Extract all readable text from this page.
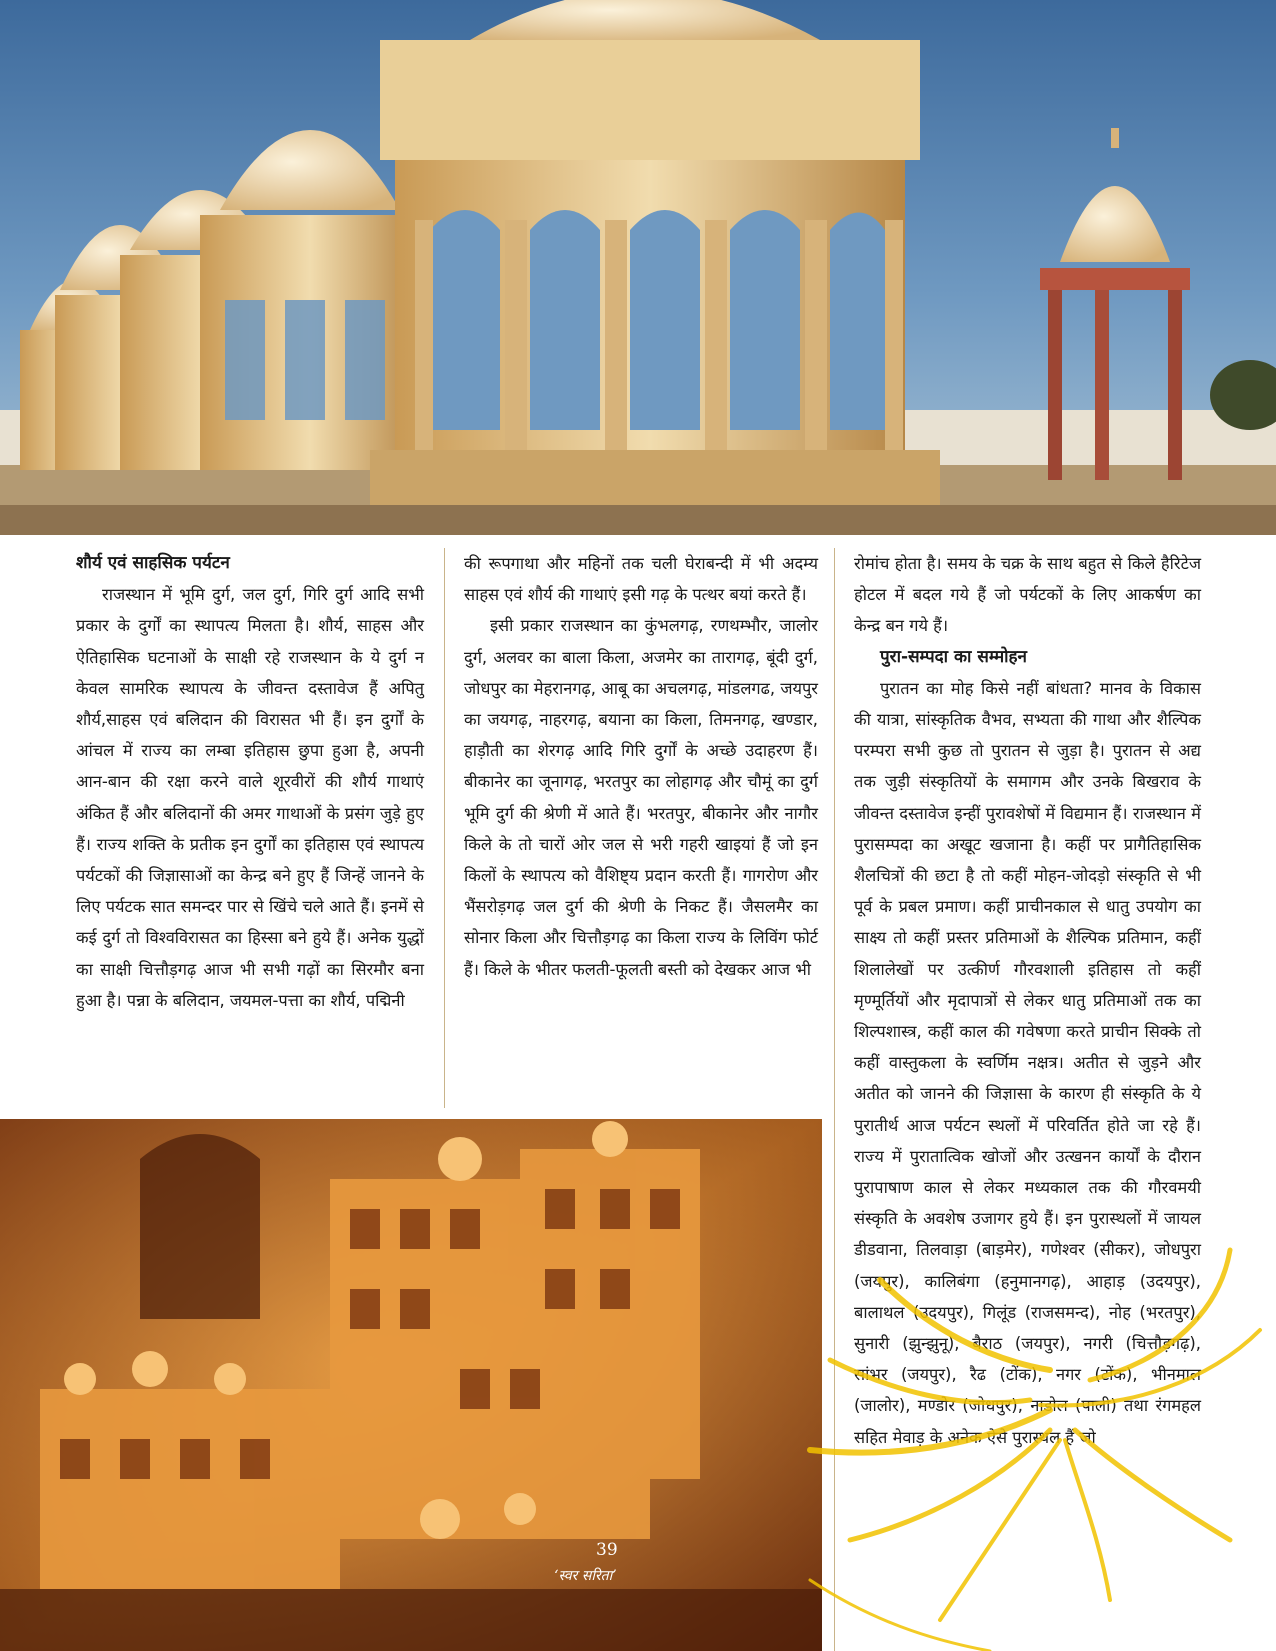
शौर्य एवं साहसिक पर्यटन

राजस्थान में भूमि दुर्ग, जल दुर्ग, गिरि दुर्ग आदि सभी प्रकार के दुर्गों का स्थापत्य मिलता है। शौर्य, साहस और ऐतिहासिक घटनाओं के साक्षी रहे राजस्थान के ये दुर्ग न केवल सामरिक स्थापत्य के जीवन्त दस्तावेज हैं अपितु शौर्य,साहस एवं बलिदान की विरासत भी हैं। इन दुर्गों के आंचल में राज्य का लम्बा इतिहास छुपा हुआ है, अपनी आन-बान की रक्षा करने वाले शूरवीरों की शौर्य गाथाएं अंकित हैं और बलिदानों की अमर गाथाओं के प्रसंग जुड़े हुए हैं। राज्य शक्ति के प्रतीक इन दुर्गों का इतिहास एवं स्थापत्य पर्यटकों की जिज्ञासाओं का केन्द्र बने हुए हैं जिन्हें जानने के लिए पर्यटक सात समन्दर पार से खिंचे चले आते हैं। इनमें से कई दुर्ग तो विश्वविरासत का हिस्सा बने हुये हैं। अनेक युद्धों का साक्षी चित्तौड़गढ़ आज भी सभी गढ़ों का सिरमौर बना हुआ है। पन्ना के बलिदान, जयमल-पत्ता का शौर्य, पद्मिनी

की रूपगाथा और महिनों तक चली घेराबन्दी में भी अदम्य साहस एवं शौर्य की गाथाएं इसी गढ़ के पत्थर बयां करते हैं।

इसी प्रकार राजस्थान का कुंभलगढ़, रणथम्भौर, जालोर दुर्ग, अलवर का बाला किला, अजमेर का तारागढ़, बूंदी दुर्ग, जोधपुर का मेहरानगढ़, आबू का अचलगढ़, मांडलगढ, जयपुर का जयगढ़, नाहरगढ़, बयाना का किला, तिमनगढ़, खण्डार, हाड़ौती का शेरगढ़ आदि गिरि दुर्गों के अच्छे उदाहरण हैं। बीकानेर का जूनागढ़, भरतपुर का लोहागढ़ और चौमूं का दुर्ग भूमि दुर्ग की श्रेणी में आते हैं। भरतपुर, बीकानेर और नागौर किले के तो चारों ओर जल से भरी गहरी खाइयां हैं जो इन किलों के स्थापत्य को वैशिष्ट्य प्रदान करती हैं। गागरोण और भैंसरोड़गढ़ जल दुर्ग की श्रेणी के निकट हैं। जैसलमैर का सोनार किला और चित्तौड़गढ़ का किला राज्य के लिविंग फोर्ट हैं। किले के भीतर फलती-फूलती बस्ती को देखकर आज भी

रोमांच होता है। समय के चक्र के साथ बहुत से किले हैरिटेज होटल में बदल गये हैं जो पर्यटकों के लिए आकर्षण का केन्द्र बन गये हैं।

पुरा-सम्पदा का सम्मोहन

पुरातन का मोह किसे नहीं बांधता? मानव के विकास की यात्रा, सांस्कृतिक वैभव, सभ्यता की गाथा और शैल्पिक परम्परा सभी कुछ तो पुरातन से जुड़ा है। पुरातन से अद्य तक जुड़ी संस्कृतियों के समागम और उनके बिखराव के जीवन्त दस्तावेज इन्हीं पुरावशेषों में विद्यमान हैं। राजस्थान में पुरासम्पदा का अखूट खजाना है। कहीं पर प्रागैतिहासिक शैलचित्रों की छटा है तो कहीं मोहन-जोदड़ो संस्कृति से भी पूर्व के प्रबल प्रमाण। कहीं प्राचीनकाल से धातु उपयोग का साक्ष्य तो कहीं प्रस्तर प्रतिमाओं के शैल्पिक प्रतिमान, कहीं शिलालेखों पर उत्कीर्ण गौरवशाली इतिहास तो कहीं मृण्मूर्तियों और मृदापात्रों से लेकर धातु प्रतिमाओं तक का शिल्पशास्त्र, कहीं काल की गवेषणा करते प्राचीन सिक्के तो कहीं वास्तुकला के स्वर्णिम नक्षत्र। अतीत से जुड़ने और अतीत को जानने की जिज्ञासा के कारण ही संस्कृति के ये पुरातीर्थ आज पर्यटन स्थलों में परिवर्तित होते जा रहे हैं। राज्य में पुरातात्विक खोजों और उत्खनन कार्यों के दौरान पुरापाषाण काल से लेकर मध्यकाल तक की गौरवमयी संस्कृति के अवशेष उजागर हुये हैं। इन पुरास्थलों में जायल डीडवाना, तिलवाड़ा (बाड़मेर), गणेश्वर (सीकर), जोधपुरा (जयपुर), कालिबंगा (हनुमानगढ़), आहाड़ (उदयपुर), बालाथल (उदयपुर), गिलूंड (राजसमन्द), नोह (भरतपुर), सुनारी (झुन्झुनू), बैराठ (जयपुर), नगरी (चित्तौड़गढ़), सांभर (जयपुर), रैढ (टोंक), नगर (टोंक), भीनमाल (जालोर), मण्डोर (जोधपुर), नाडोल (पाली) तथा रंगमहल सहित मेवाड़ के अनेक ऐसे पुरास्थल हैं जो

39
‘स्वर सरिता’
